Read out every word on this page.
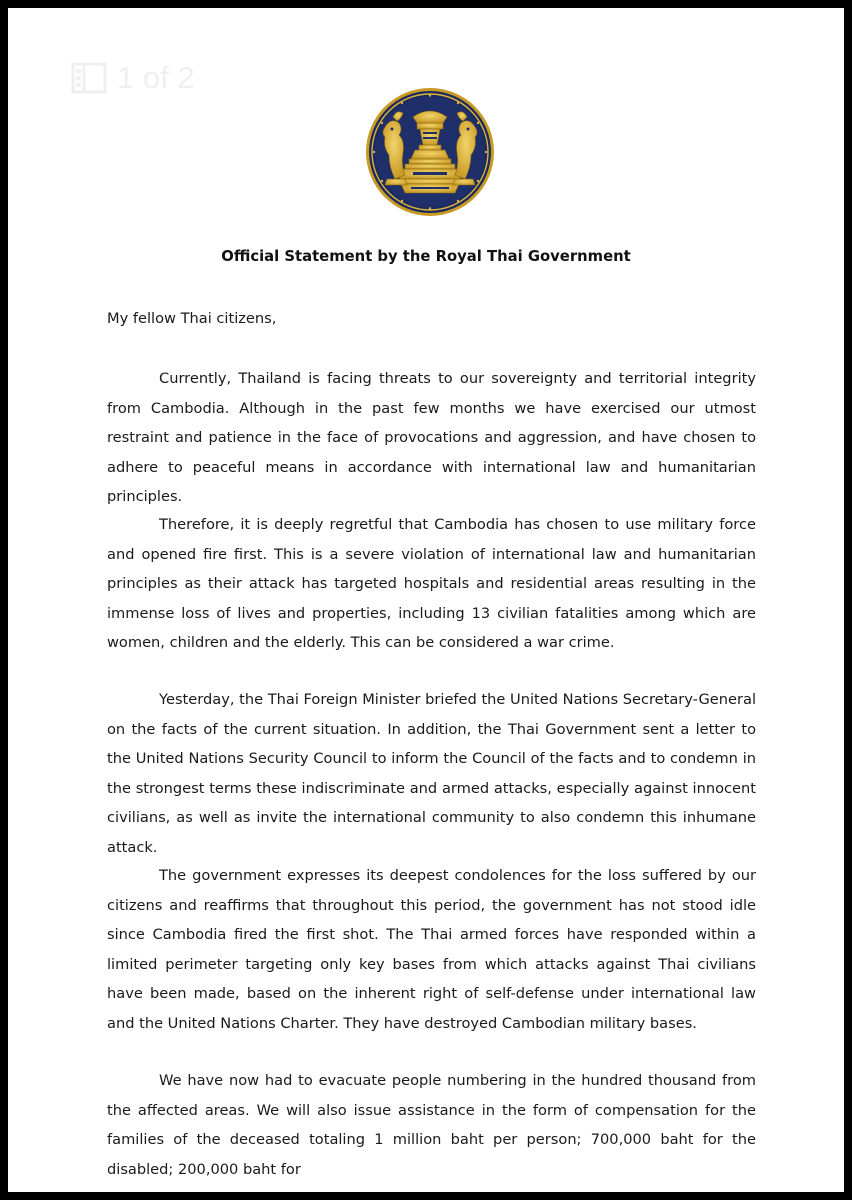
1 of 2
Official Statement by the Royal Thai Government
My fellow Thai citizens,

Currently, Thailand is facing threats to our sovereignty and territorial integrity from Cambodia. Although in the past few months we have exercised our utmost restraint and patience in the face of provocations and aggression, and have chosen to adhere to peaceful means in accordance with international law and humanitarian principles.

Therefore, it is deeply regretful that Cambodia has chosen to use military force and opened fire first. This is a severe violation of international law and humanitarian principles as their attack has targeted hospitals and residential areas resulting in the immense loss of lives and properties, including 13 civilian fatalities among which are women, children and the elderly. This can be considered a war crime.

Yesterday, the Thai Foreign Minister briefed the United Nations Secretary-General on the facts of the current situation. In addition, the Thai Government sent a letter to the United Nations Security Council to inform the Council of the facts and to condemn in the strongest terms these indiscriminate and armed attacks, especially against innocent civilians, as well as invite the international community to also condemn this inhumane attack.

The government expresses its deepest condolences for the loss suffered by our citizens and reaffirms that throughout this period, the government has not stood idle since Cambodia fired the first shot. The Thai armed forces have responded within a limited perimeter targeting only key bases from which attacks against Thai civilians have been made, based on the inherent right of self-defense under international law and the United Nations Charter. They have destroyed Cambodian military bases.

We have now had to evacuate people numbering in the hundred thousand from the affected areas. We will also issue assistance in the form of compensation for the families of the deceased totaling 1 million baht per person; 700,000 baht for the disabled; 200,000 baht for
